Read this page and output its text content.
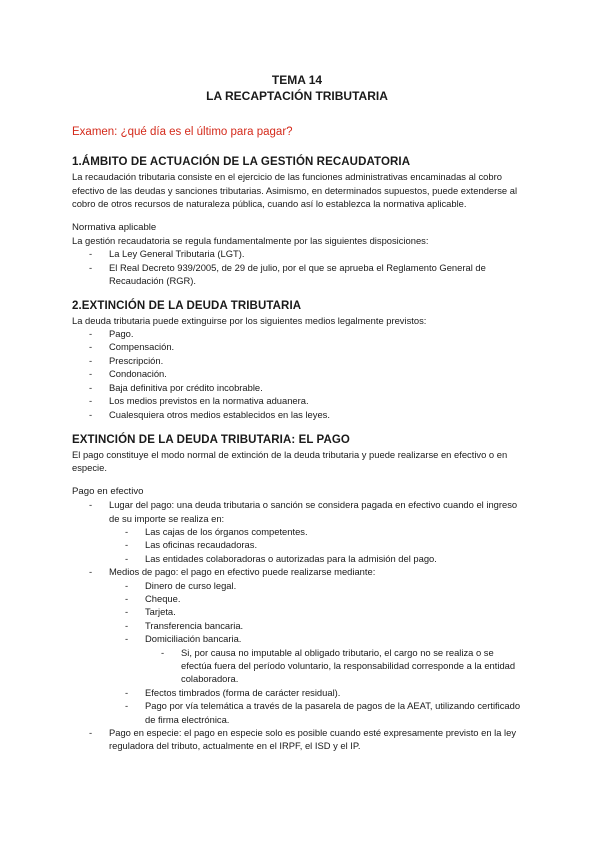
TEMA 14

LA RECAPTACIÓN TRIBUTARIA

Examen: ¿qué día es el último para pagar?

1.ÁMBITO DE ACTUACIÓN DE LA GESTIÓN RECAUDATORIA

La recaudación tributaria consiste en el ejercicio de las funciones administrativas encaminadas al cobro efectivo de las deudas y sanciones tributarias. Asimismo, en determinados supuestos, puede extenderse al cobro de otros recursos de naturaleza pública, cuando así lo establezca la normativa aplicable.

Normativa aplicable

La gestión recaudatoria se regula fundamentalmente por las siguientes disposiciones:

- La Ley General Tributaria (LGT).
- El Real Decreto 939/2005, de 29 de julio, por el que se aprueba el Reglamento General de Recaudación (RGR).
2.EXTINCIÓN DE LA DEUDA TRIBUTARIA

La deuda tributaria puede extinguirse por los siguientes medios legalmente previstos:

- Pago.
- Compensación.
- Prescripción.
- Condonación.
- Baja definitiva por crédito incobrable.
- Los medios previstos en la normativa aduanera.
- Cualesquiera otros medios establecidos en las leyes.
EXTINCIÓN DE LA DEUDA TRIBUTARIA: EL PAGO

El pago constituye el modo normal de extinción de la deuda tributaria y puede realizarse en efectivo o en especie.

Pago en efectivo

- Lugar del pago: una deuda tributaria o sanción se considera pagada en efectivo cuando el ingreso de su importe se realiza en:
- Las cajas de los órganos competentes.
- Las oficinas recaudadoras.
- Las entidades colaboradoras o autorizadas para la admisión del pago.
- Medios de pago: el pago en efectivo puede realizarse mediante:
- Dinero de curso legal.
- Cheque.
- Tarjeta.
- Transferencia bancaria.
- Domiciliación bancaria.
- Si, por causa no imputable al obligado tributario, el cargo no se realiza o se efectúa fuera del período voluntario, la responsabilidad corresponde a la entidad colaboradora.
- Efectos timbrados (forma de carácter residual).
- Pago por vía telemática a través de la pasarela de pagos de la AEAT, utilizando certificado de firma electrónica.
- Pago en especie: el pago en especie solo es posible cuando esté expresamente previsto en la ley reguladora del tributo, actualmente en el IRPF, el ISD y el IP.
